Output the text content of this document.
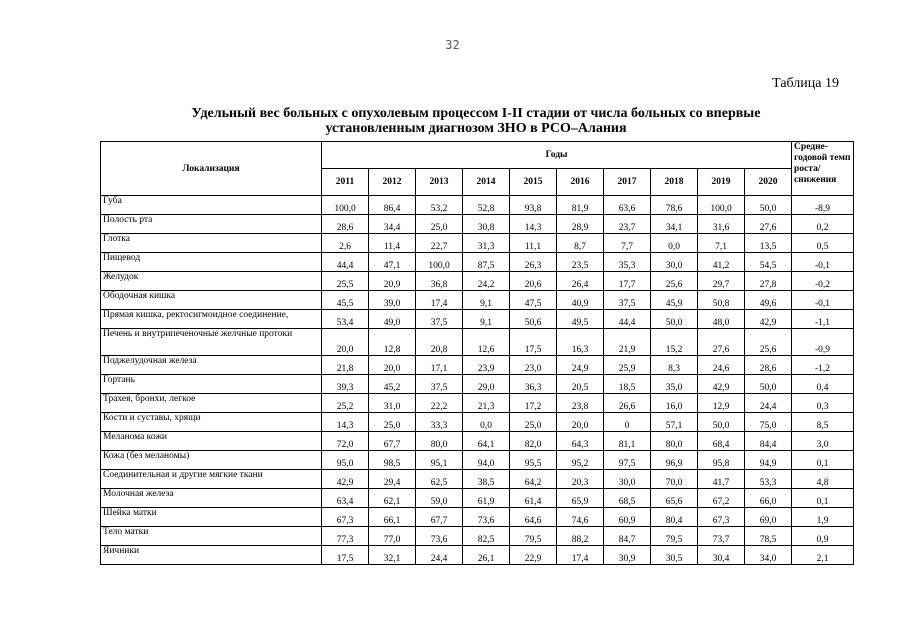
32
Таблица 19
Удельный вес больных с опухолевым процессом I-II стадии от числа больных со впервые
установленным диагнозом ЗНО в РСО–Алания
Локализация	Годы										Средне-годовой темп роста/ снижения
	2011	2012	2013	2014	2015	2016	2017	2018	2019	2020	
Губа	100,0	86,4	53,2	52,8	93,8	81,9	63,6	78,6	100,0	50,0	-8,9
Полость рта	28,6	34,4	25,0	30,8	14,3	28,9	23,7	34,1	31,6	27,6	0,2
Глотка	2,6	11,4	22,7	31,3	11,1	8,7	7,7	0,0	7,1	13,5	0,5
Пищевод	44,4	47,1	100,0	87,5	26,3	23,5	35,3	30,0	41,2	54,5	-0,1
Желудок	25,5	20,9	36,8	24,2	20,6	26,4	17,7	25,6	29,7	27,8	-0,2
Ободочная кишка	45,5	39,0	17,4	9,1	47,5	40,9	37,5	45,9	50,8	49,6	-0,1
Прямая кишка, ректосигмоидное соединение,	53,4	49,0	37,5	9,1	50,6	49,5	44,4	50,0	48,0	42,9	-1,1
Печень и внутрипеченочные желчные протоки	20,0	12,8	20,8	12,6	17,5	16,3	21,9	15,2	27,6	25,6	-0,9
Поджелудочная железа	21,8	20,0	17,1	23,9	23,0	24,9	25,9	8,3	24,6	28,6	-1,2
Гортань	39,3	45,2	37,5	29,0	36,3	20,5	18,5	35,0	42,9	50,0	0,4
Трахея, бронхи, легкое	25,2	31,0	22,2	21,3	17,2	23,8	26,6	16,0	12,9	24,4	0,3
Кости и суставы, хрящи	14,3	25,0	33,3	0,0	25,0	20,0	0	57,1	50,0	75,0	8,5
Меланома кожи	72,0	67,7	80,0	64,1	82,0	64,3	81,1	80,0	68,4	84,4	3,0
Кожа (без меланомы)	95,0	98,5	95,1	94,0	95,5	95,2	97,5	96,9	95,8	94,9	0,1
Соединительная и другие мягкие ткани	42,9	29,4	62,5	38,5	64,2	20,3	30,0	70,0	41,7	53,3	4,8
Молочная железа	63,4	62,1	59,0	61,9	61,4	65,9	68,5	65,6	67,2	66,0	0,1
Шейка матки	67,3	66,1	67,7	73,6	64,6	74,6	60,9	80,4	67,3	69,0	1,9
Тело матки	77,3	77,0	73,6	82,5	79,5	88,2	84,7	79,5	73,7	78,5	0,9
Яичники	17,5	32,1	24,4	26,1	22,9	17,4	30,9	30,5	30,4	34,0	2,1
